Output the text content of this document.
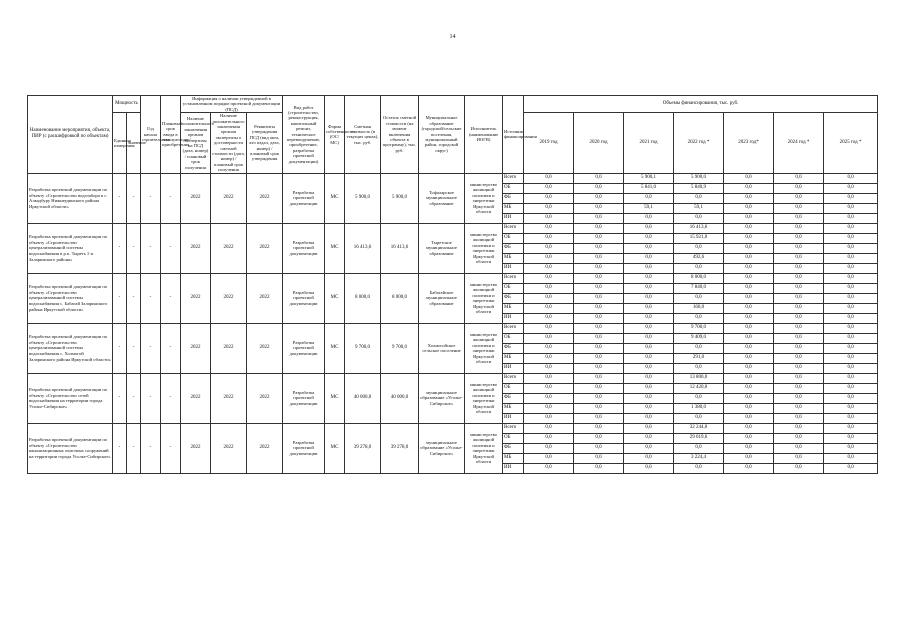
14
Наименование мероприятия, объекта, ПИР (с расшифровкой по объектам)	Мощность		Год начала строительства	Плановый срок ввода в эксплуатацию/приобретения	Информация о наличии утвержденной в установленном порядке проектной документации (ПСД)			Вид работ (строительство, реконструкция, капитальный ремонт, техническое перевооружение, приобретение, разработка проектной документации)	Форма собственности (ОС/МС)	Сметная стоимость (в текущих ценах), тыс. руб.	Остаток сметной стоимости (на момент включения объекта в программу), тыс. руб.	Муниципальное образование (городской/сельские поселения, муниципальный район, городской округ)	Исполнитель (наименование ИОГВ)	Источник финансирования	Объемы финансирования, тыс. руб.						
	Единица измерения	Значение			Наличие положительного заключения органов экспертизы на ПСД (дата, номер) / плановый срок получения	Наличие положительного заключения органов экспертизы о достоверности сметной стоимости (дата, номер) / плановый срок получения	Реквизиты утверждения ПСД (вид акта, кто издал, дата, номер) / плановый срок утверждения								2019 год	2020 год	2021 год	2022 год *	2023 год*	2024 год *	2025 год *
Разработка проектной документации по объекту «Строительство водозабора в с. Алкадбуру Нижнеудинского района Иркутской области»	-	-	-	-	2022	2022	2022	Разработка проектной документации	МС	5 900,0	5 900,0	Тофаларское муниципальное образование	министерство жилищной политики и энергетики Иркутской области	Всего	0,0	0,0	5 900,1	5 900,0	0,0	0,0	0,0
														ОБ	0,0	0,0	5 841,0	5 840,9	0,0	0,0	0,0
														ФБ	0,0	0,0	0,0	0,0	0,0	0,0	0,0
														МБ	0,0	0,0	59,1	59,1	0,0	0,0	0,0
														ИИ	0,0	0,0	0,0	0,0	0,0	0,0	0,0
Разработка проектной документации по объекту «Строительство централизованной системы водоснабжения в р.п. Тыреть 1-я Заларинского района»	-	-	-	-	2022	2022	2022	Разработка проектной документации	МС	16 413,6	16 413,6	Тыретское муниципальное образование	министерство жилищной политики и энергетики Иркутской области	Всего	0,0	0,0	0,0	16 413,6	0,0	0,0	0,0
														ОБ	0,0	0,0	0,0	15 921,0	0,0	0,0	0,0
														ФБ	0,0	0,0	0,0	0,0	0,0	0,0	0,0
														МБ	0,0	0,0	0,0	492,6	0,0	0,0	0,0
														ИИ	0,0	0,0	0,0	0,0	0,0	0,0	0,0
Разработка проектной документации по объекту «Строительство централизованной системы водоснабжения с. Бабагай Заларинского района Иркутской области»	-	-	-	-	2022	2022	2022	Разработка проектной документации	МС	8 000,0	8 000,0	Бабагайское муниципальное образование	министерство жилищной политики и энергетики Иркутской области	Всего	0,0	0,0	0,0	8 000,0	0,0	0,0	0,0
														ОБ	0,0	0,0	0,0	7 840,0	0,0	0,0	0,0
														ФБ	0,0	0,0	0,0	0,0	0,0	0,0	0,0
														МБ	0,0	0,0	0,0	160,0	0,0	0,0	0,0
														ИИ	0,0	0,0	0,0	0,0	0,0	0,0	0,0
Разработка проектной документации по объекту «Строительство централизованной системы водоснабжения с. Холмогой Заларинского района Иркутской области»	-	-	-	-	2022	2022	2022	Разработка проектной документации	МС	9 700,0	9 700,0	Холмогойское сельское поселение	министерство жилищной политики и энергетики Иркутской области	Всего	0,0	0,0	0,0	9 700,0	0,0	0,0	0,0
														ОБ	0,0	0,0	0,0	9 409,0	0,0	0,0	0,0
														ФБ	0,0	0,0	0,0	0,0	0,0	0,0	0,0
														МБ	0,0	0,0	0,0	291,0	0,0	0,0	0,0
														ИИ	0,0	0,0	0,0	0,0	0,0	0,0	0,0
Разработка проектной документации по объекту «Строительство сетей водоснабжения на территории города Усолье-Сибирское»	-	-	-	-	2022	2022	2022	Разработка проектной документации	МС	40 000,0	40 000,0	муниципальное образование «Усолье-Сибирское»	министерство жилищной политики и энергетики Иркутской области	Всего	0,0	0,0	0,0	13 800,0	0,0	0,0	0,0
														ОБ	0,0	0,0	0,0	12 420,0	0,0	0,0	0,0
														ФБ	0,0	0,0	0,0	0,0	0,0	0,0	0,0
														МБ	0,0	0,0	0,0	1 380,0	0,0	0,0	0,0
														ИИ	0,0	0,0	0,0	0,0	0,0	0,0	0,0
Разработка проектной документации по объекту «Строительство канализационных очистных сооружений на территории города Усолье-Сибирское»	-	-	-	-	2022	2022	2022	Разработка проектной документации	МС	39 278,0	39 278,0	муниципальное образование «Усолье-Сибирское»	министерство жилищной политики и энергетики Иркутской области	Всего	0,0	0,0	0,0	32 244,0	0,0	0,0	0,0
														ОБ	0,0	0,0	0,0	29 019,6	0,0	0,0	0,0
														ФБ	0,0	0,0	0,0	0,0	0,0	0,0	0,0
														МБ	0,0	0,0	0,0	3 224,4	0,0	0,0	0,0
														ИИ	0,0	0,0	0,0	0,0	0,0	0,0	0,0
